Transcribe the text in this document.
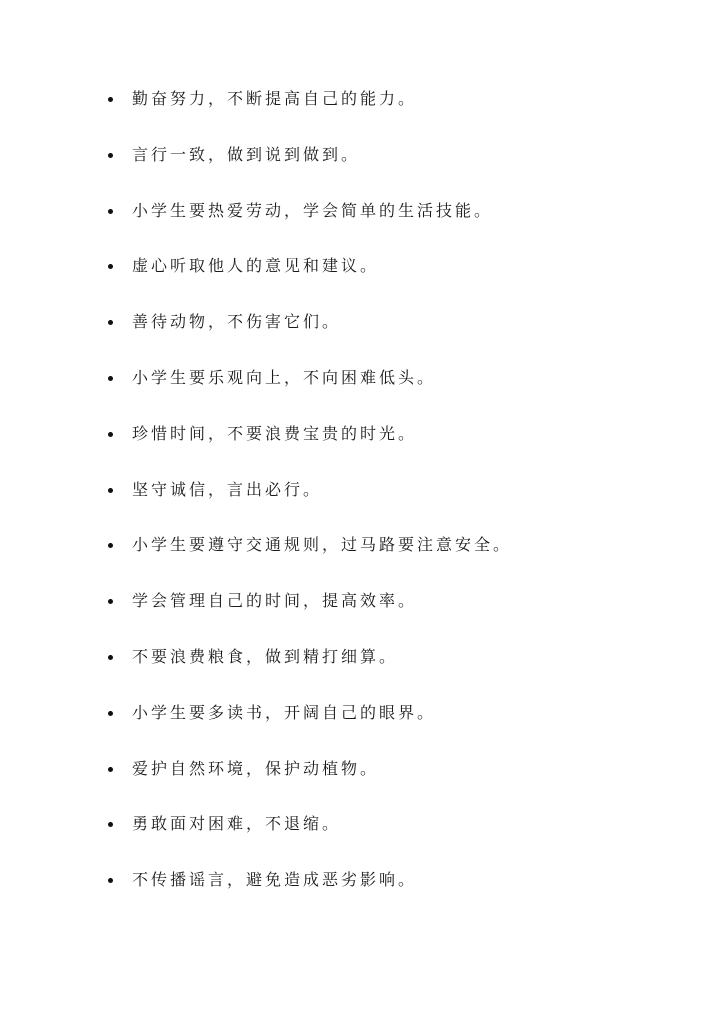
勤奋努力，不断提高自己的能力。
言行一致，做到说到做到。
小学生要热爱劳动，学会简单的生活技能。
虚心听取他人的意见和建议。
善待动物，不伤害它们。
小学生要乐观向上，不向困难低头。
珍惜时间，不要浪费宝贵的时光。
坚守诚信，言出必行。
小学生要遵守交通规则，过马路要注意安全。
学会管理自己的时间，提高效率。
不要浪费粮食，做到精打细算。
小学生要多读书，开阔自己的眼界。
爱护自然环境，保护动植物。
勇敢面对困难，不退缩。
不传播谣言，避免造成恶劣影响。
